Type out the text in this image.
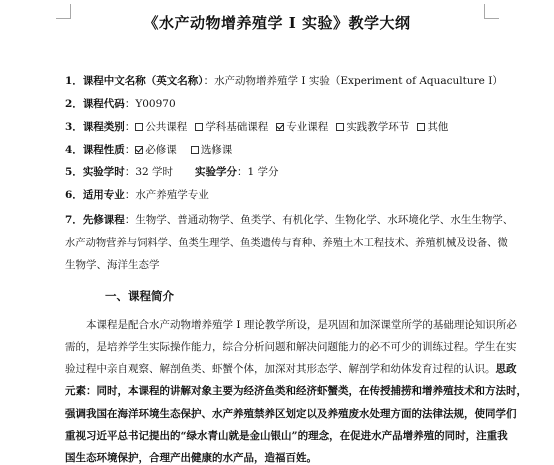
《水产动物增养殖学 I 实验》教学大纲
1．课程中文名称（英文名称）：水产动物增养殖学 I 实验（Experiment of Aquaculture I）
2．课程代码：Y00970
3．课程类别： 公共课程 学科基础课程 专业课程 实践教学环节 其他
4．课程性质： 必修课 选修课
5．实验学时：32 学时 实验学分：1 学分
6．适用专业：水产养殖学专业
7．先修课程：生物学、普通动物学、鱼类学、有机化学、生物化学、水环境化学、水生生物学、
水产动物营养与饲料学、鱼类生理学、鱼类遗传与育种、养殖土木工程技术、养殖机械及设备、微
生物学、海洋生态学
一、课程简介
本课程是配合水产动物增养殖学 I 理论教学所设，是巩固和加深课堂所学的基础理论知识所必
需的，是培养学生实际操作能力，综合分析问题和解决问题能力的必不可少的训练过程。学生在实
验过程中亲自观察、解剖鱼类、虾蟹个体，加深对其形态学、解剖学和幼体发育过程的认识。思政
元素：同时，本课程的讲解对象主要为经济鱼类和经济虾蟹类，在传授捕捞和增养殖技术和方法时，
强调我国在海洋环境生态保护、水产养殖禁养区划定以及养殖废水处理方面的法律法规，使同学们
重视习近平总书记提出的“绿水青山就是金山银山”的理念，在促进水产品增养殖的同时，注重我
国生态环境保护，合理产出健康的水产品，造福百姓。
